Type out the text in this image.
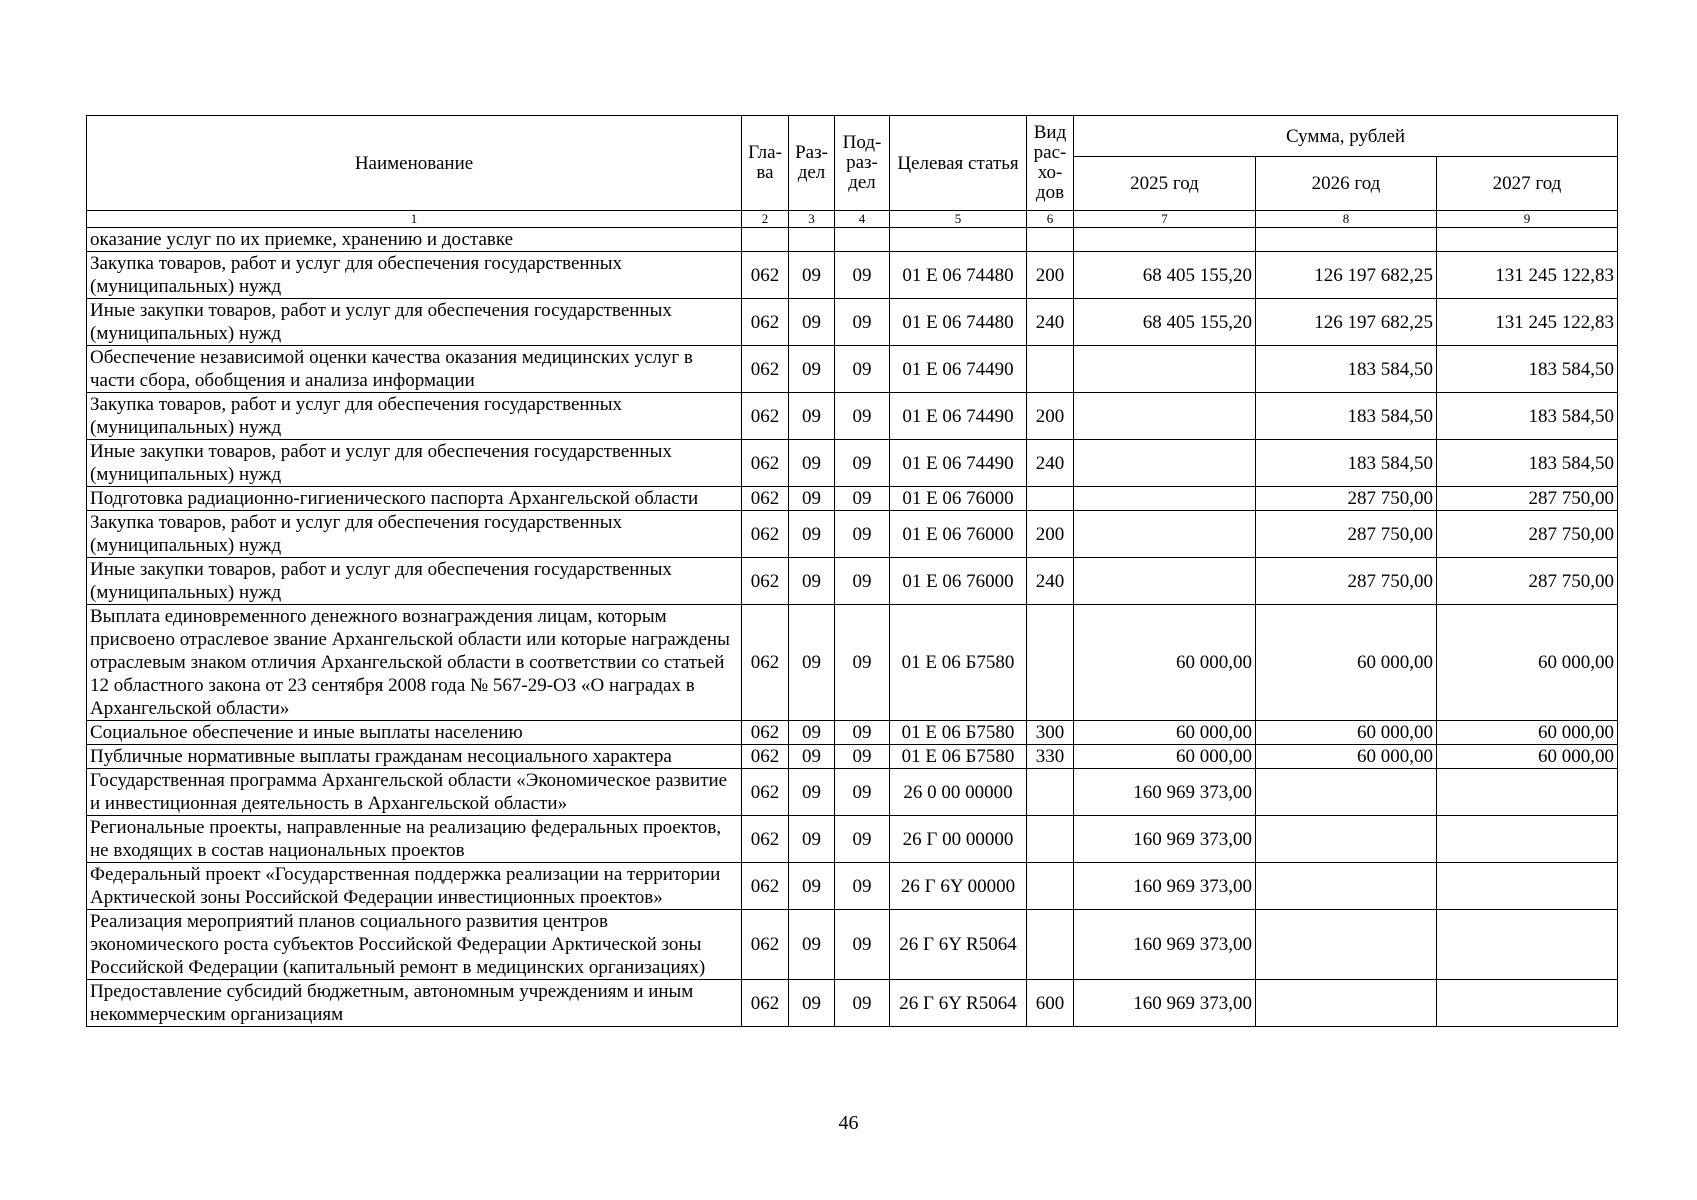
Наименование	Гла-ва	Раз-дел	Под-раз-дел	Целевая статья	Вид рас-хо-дов	Сумма, рублей		
						2025 год	2026 год	2027 год
1	2	3	4	5	6	7	8	9
оказание услуг по их приемке, хранению и доставке								
Закупка товаров, работ и услуг для обеспечения государственных (муниципальных) нужд	062	09	09	01 Е 06 74480	200	68 405 155,20	126 197 682,25	131 245 122,83
Иные закупки товаров, работ и услуг для обеспечения государственных (муниципальных) нужд	062	09	09	01 Е 06 74480	240	68 405 155,20	126 197 682,25	131 245 122,83
Обеспечение независимой оценки качества оказания медицинских услуг в части сбора, обобщения и анализа информации	062	09	09	01 Е 06 74490			183 584,50	183 584,50
Закупка товаров, работ и услуг для обеспечения государственных (муниципальных) нужд	062	09	09	01 Е 06 74490	200		183 584,50	183 584,50
Иные закупки товаров, работ и услуг для обеспечения государственных (муниципальных) нужд	062	09	09	01 Е 06 74490	240		183 584,50	183 584,50
Подготовка радиационно-гигиенического паспорта Архангельской области	062	09	09	01 Е 06 76000			287 750,00	287 750,00
Закупка товаров, работ и услуг для обеспечения государственных (муниципальных) нужд	062	09	09	01 Е 06 76000	200		287 750,00	287 750,00
Иные закупки товаров, работ и услуг для обеспечения государственных (муниципальных) нужд	062	09	09	01 Е 06 76000	240		287 750,00	287 750,00
Выплата единовременного денежного вознаграждения лицам, которым присвоено отраслевое звание Архангельской области или которые награждены отраслевым знаком отличия Архангельской области в соответствии со статьей 12 областного закона от 23 сентября 2008 года № 567-29-ОЗ «О наградах в Архангельской области»	062	09	09	01 Е 06 Б7580		60 000,00	60 000,00	60 000,00
Социальное обеспечение и иные выплаты населению	062	09	09	01 Е 06 Б7580	300	60 000,00	60 000,00	60 000,00
Публичные нормативные выплаты гражданам несоциального характера	062	09	09	01 Е 06 Б7580	330	60 000,00	60 000,00	60 000,00
Государственная программа Архангельской области «Экономическое развитие и инвестиционная деятельность в Архангельской области»	062	09	09	26 0 00 00000		160 969 373,00		
Региональные проекты, направленные на реализацию федеральных проектов, не входящих в состав национальных проектов	062	09	09	26 Г 00 00000		160 969 373,00		
Федеральный проект «Государственная поддержка реализации на территории Арктической зоны Российской Федерации инвестиционных проектов»	062	09	09	26 Г 6Y 00000		160 969 373,00		
Реализация мероприятий планов социального развития центров экономического роста субъектов Российской Федерации Арктической зоны Российской Федерации (капитальный ремонт в медицинских организациях)	062	09	09	26 Г 6Y R5064		160 969 373,00		
Предоставление субсидий бюджетным, автономным учреждениям и иным некоммерческим организациям	062	09	09	26 Г 6Y R5064	600	160 969 373,00		
46
